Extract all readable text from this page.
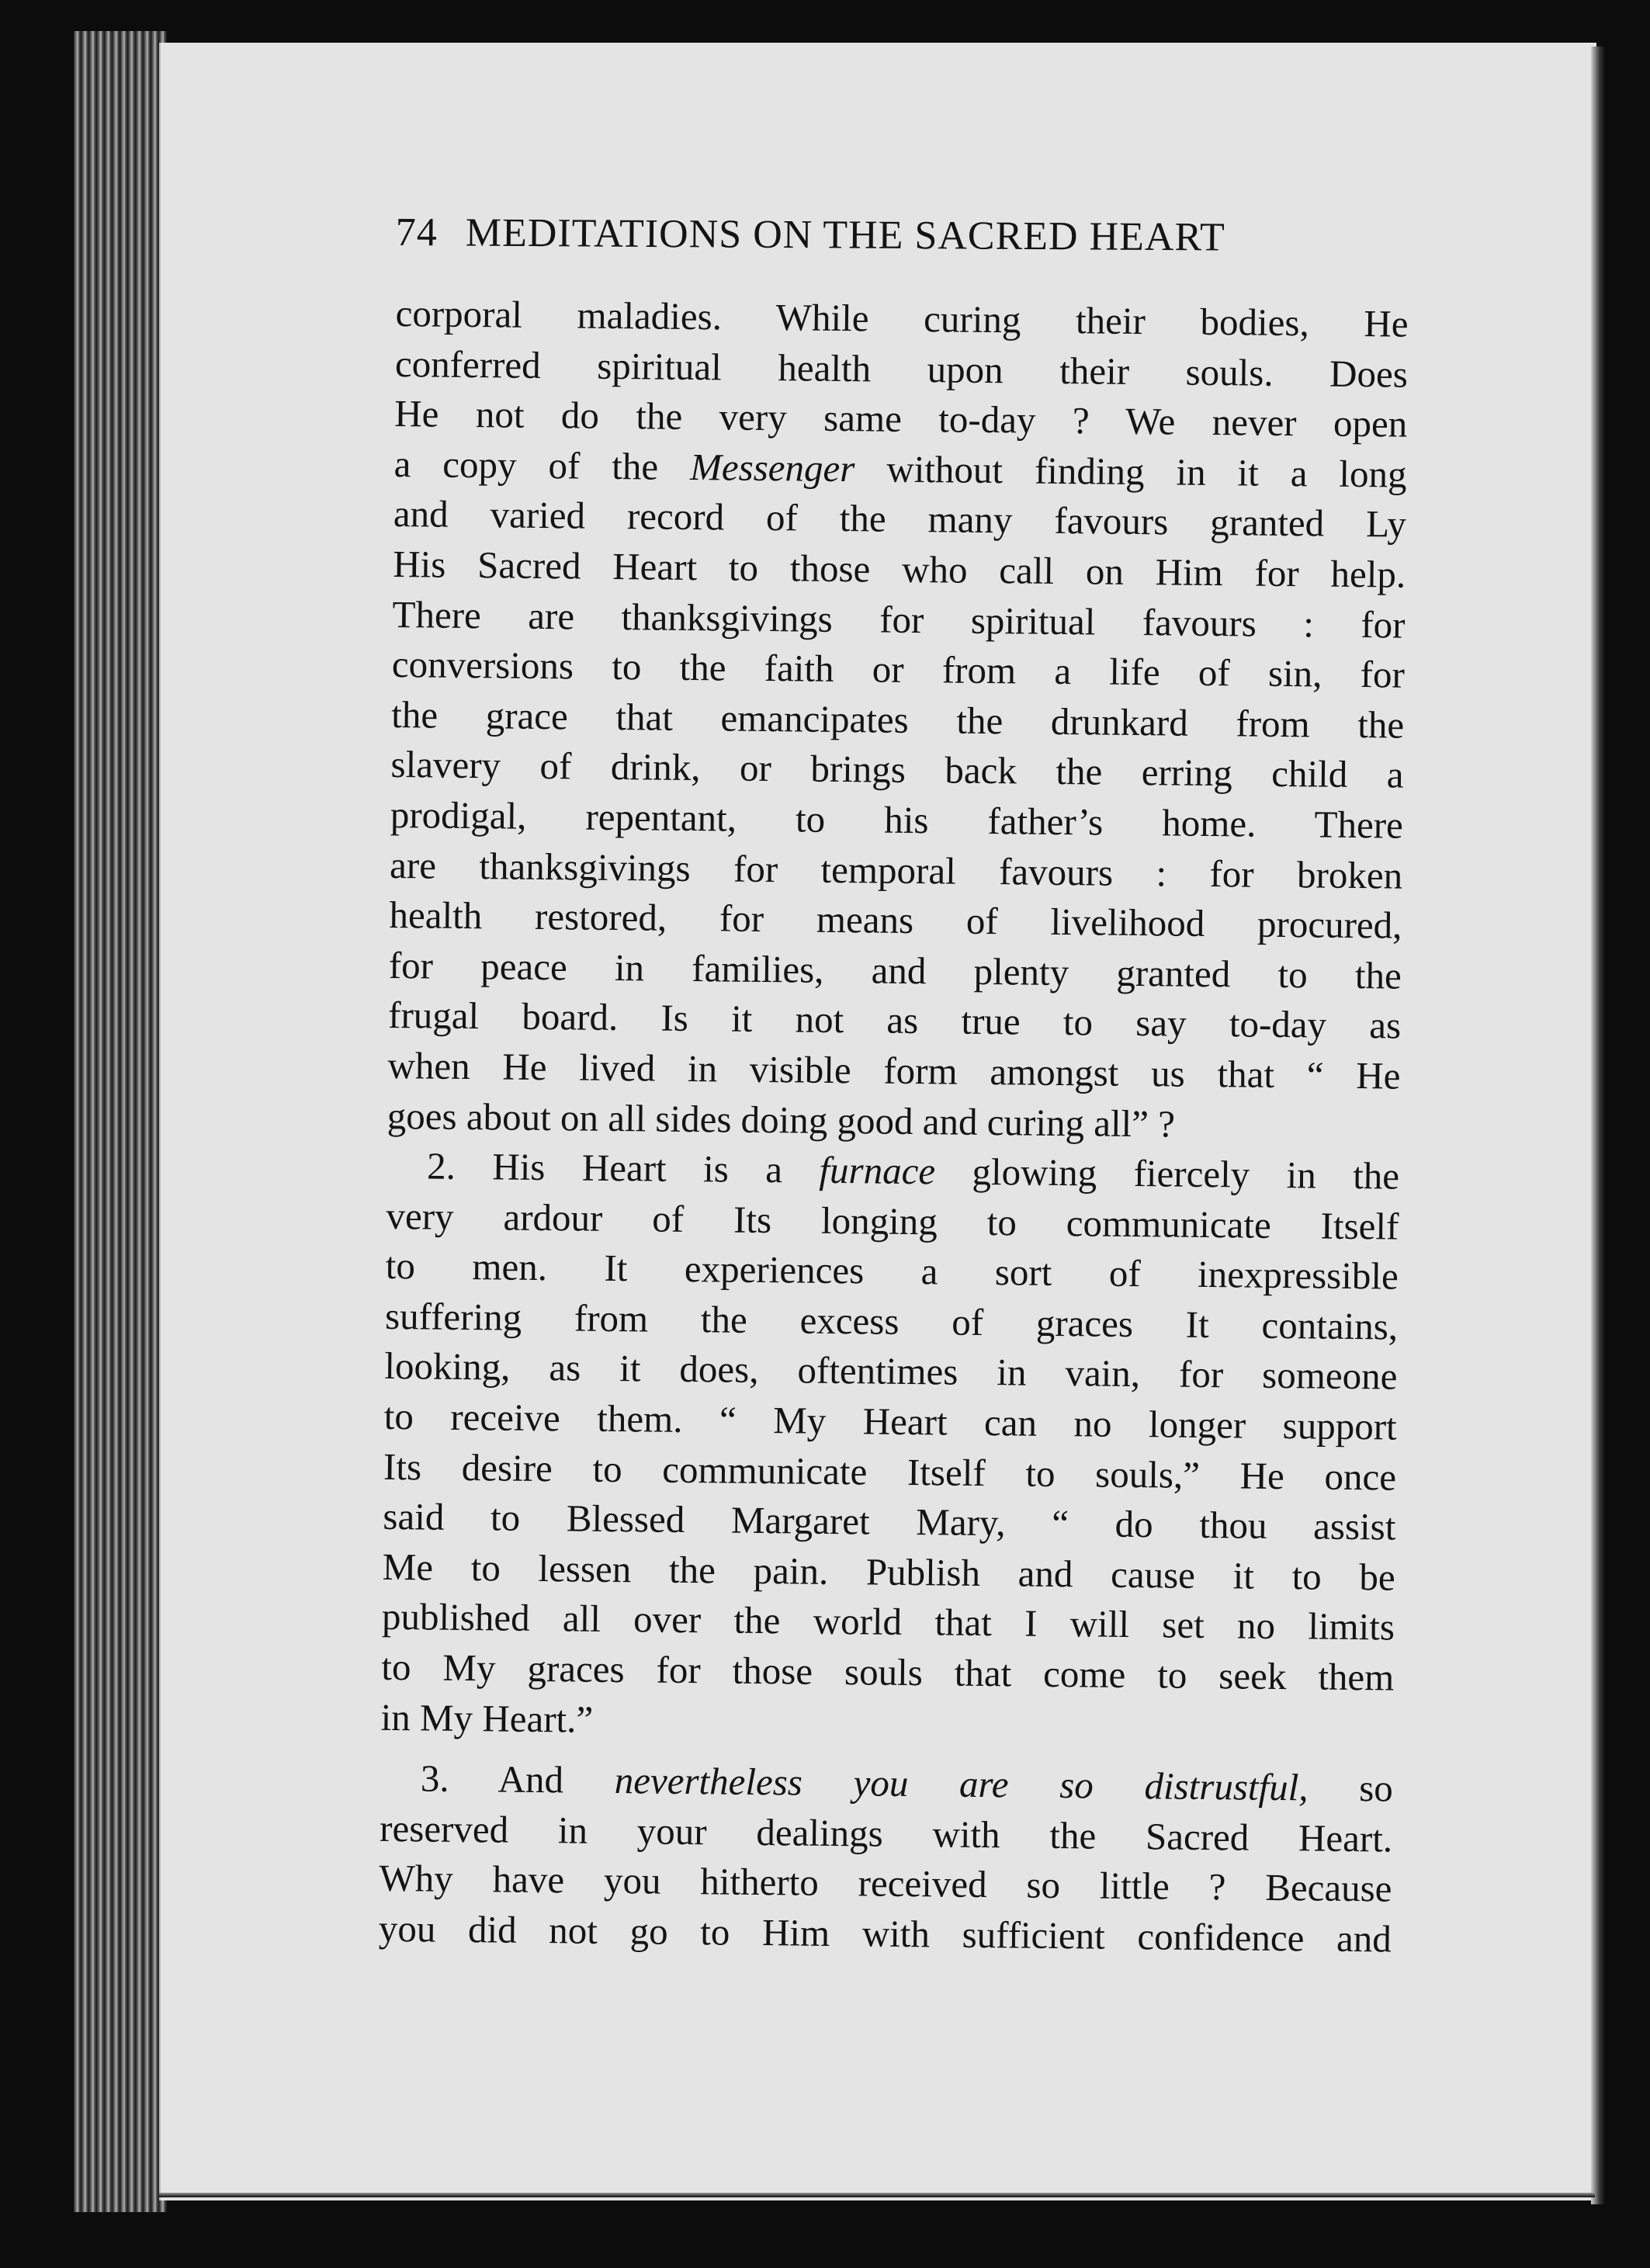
74 MEDITATIONS ON THE SACRED HEART
corporal maladies. While curing their bodies, He
conferred spiritual health upon their souls. Does
He not do the very same to-day ? We never open
a copy of the Messenger without finding in it a long
and varied record of the many favours granted Ly
His Sacred Heart to those who call on Him for help.
There are thanksgivings for spiritual favours : for
conversions to the faith or from a life of sin, for
the grace that emancipates the drunkard from the
slavery of drink, or brings back the erring child a
prodigal, repentant, to his father’s home. There
are thanksgivings for temporal favours : for broken
health restored, for means of livelihood procured,
for peace in families, and plenty granted to the
frugal board. Is it not as true to say to-day as
when He lived in visible form amongst us that “ He
goes about on all sides doing good and curing all” ?
2. His Heart is a furnace glowing fiercely in the
very ardour of Its longing to communicate Itself
to men. It experiences a sort of inexpressible
suffering from the excess of graces It contains,
looking, as it does, oftentimes in vain, for someone
to receive them. “ My Heart can no longer support
Its desire to communicate Itself to souls,” He once
said to Blessed Margaret Mary, “ do thou assist
Me to lessen the pain. Publish and cause it to be
published all over the world that I will set no limits
to My graces for those souls that come to seek them
in My Heart.”
3. And nevertheless you are so distrustful, so
reserved in your dealings with the Sacred Heart.
Why have you hitherto received so little ? Because
you did not go to Him with sufficient confidence and
